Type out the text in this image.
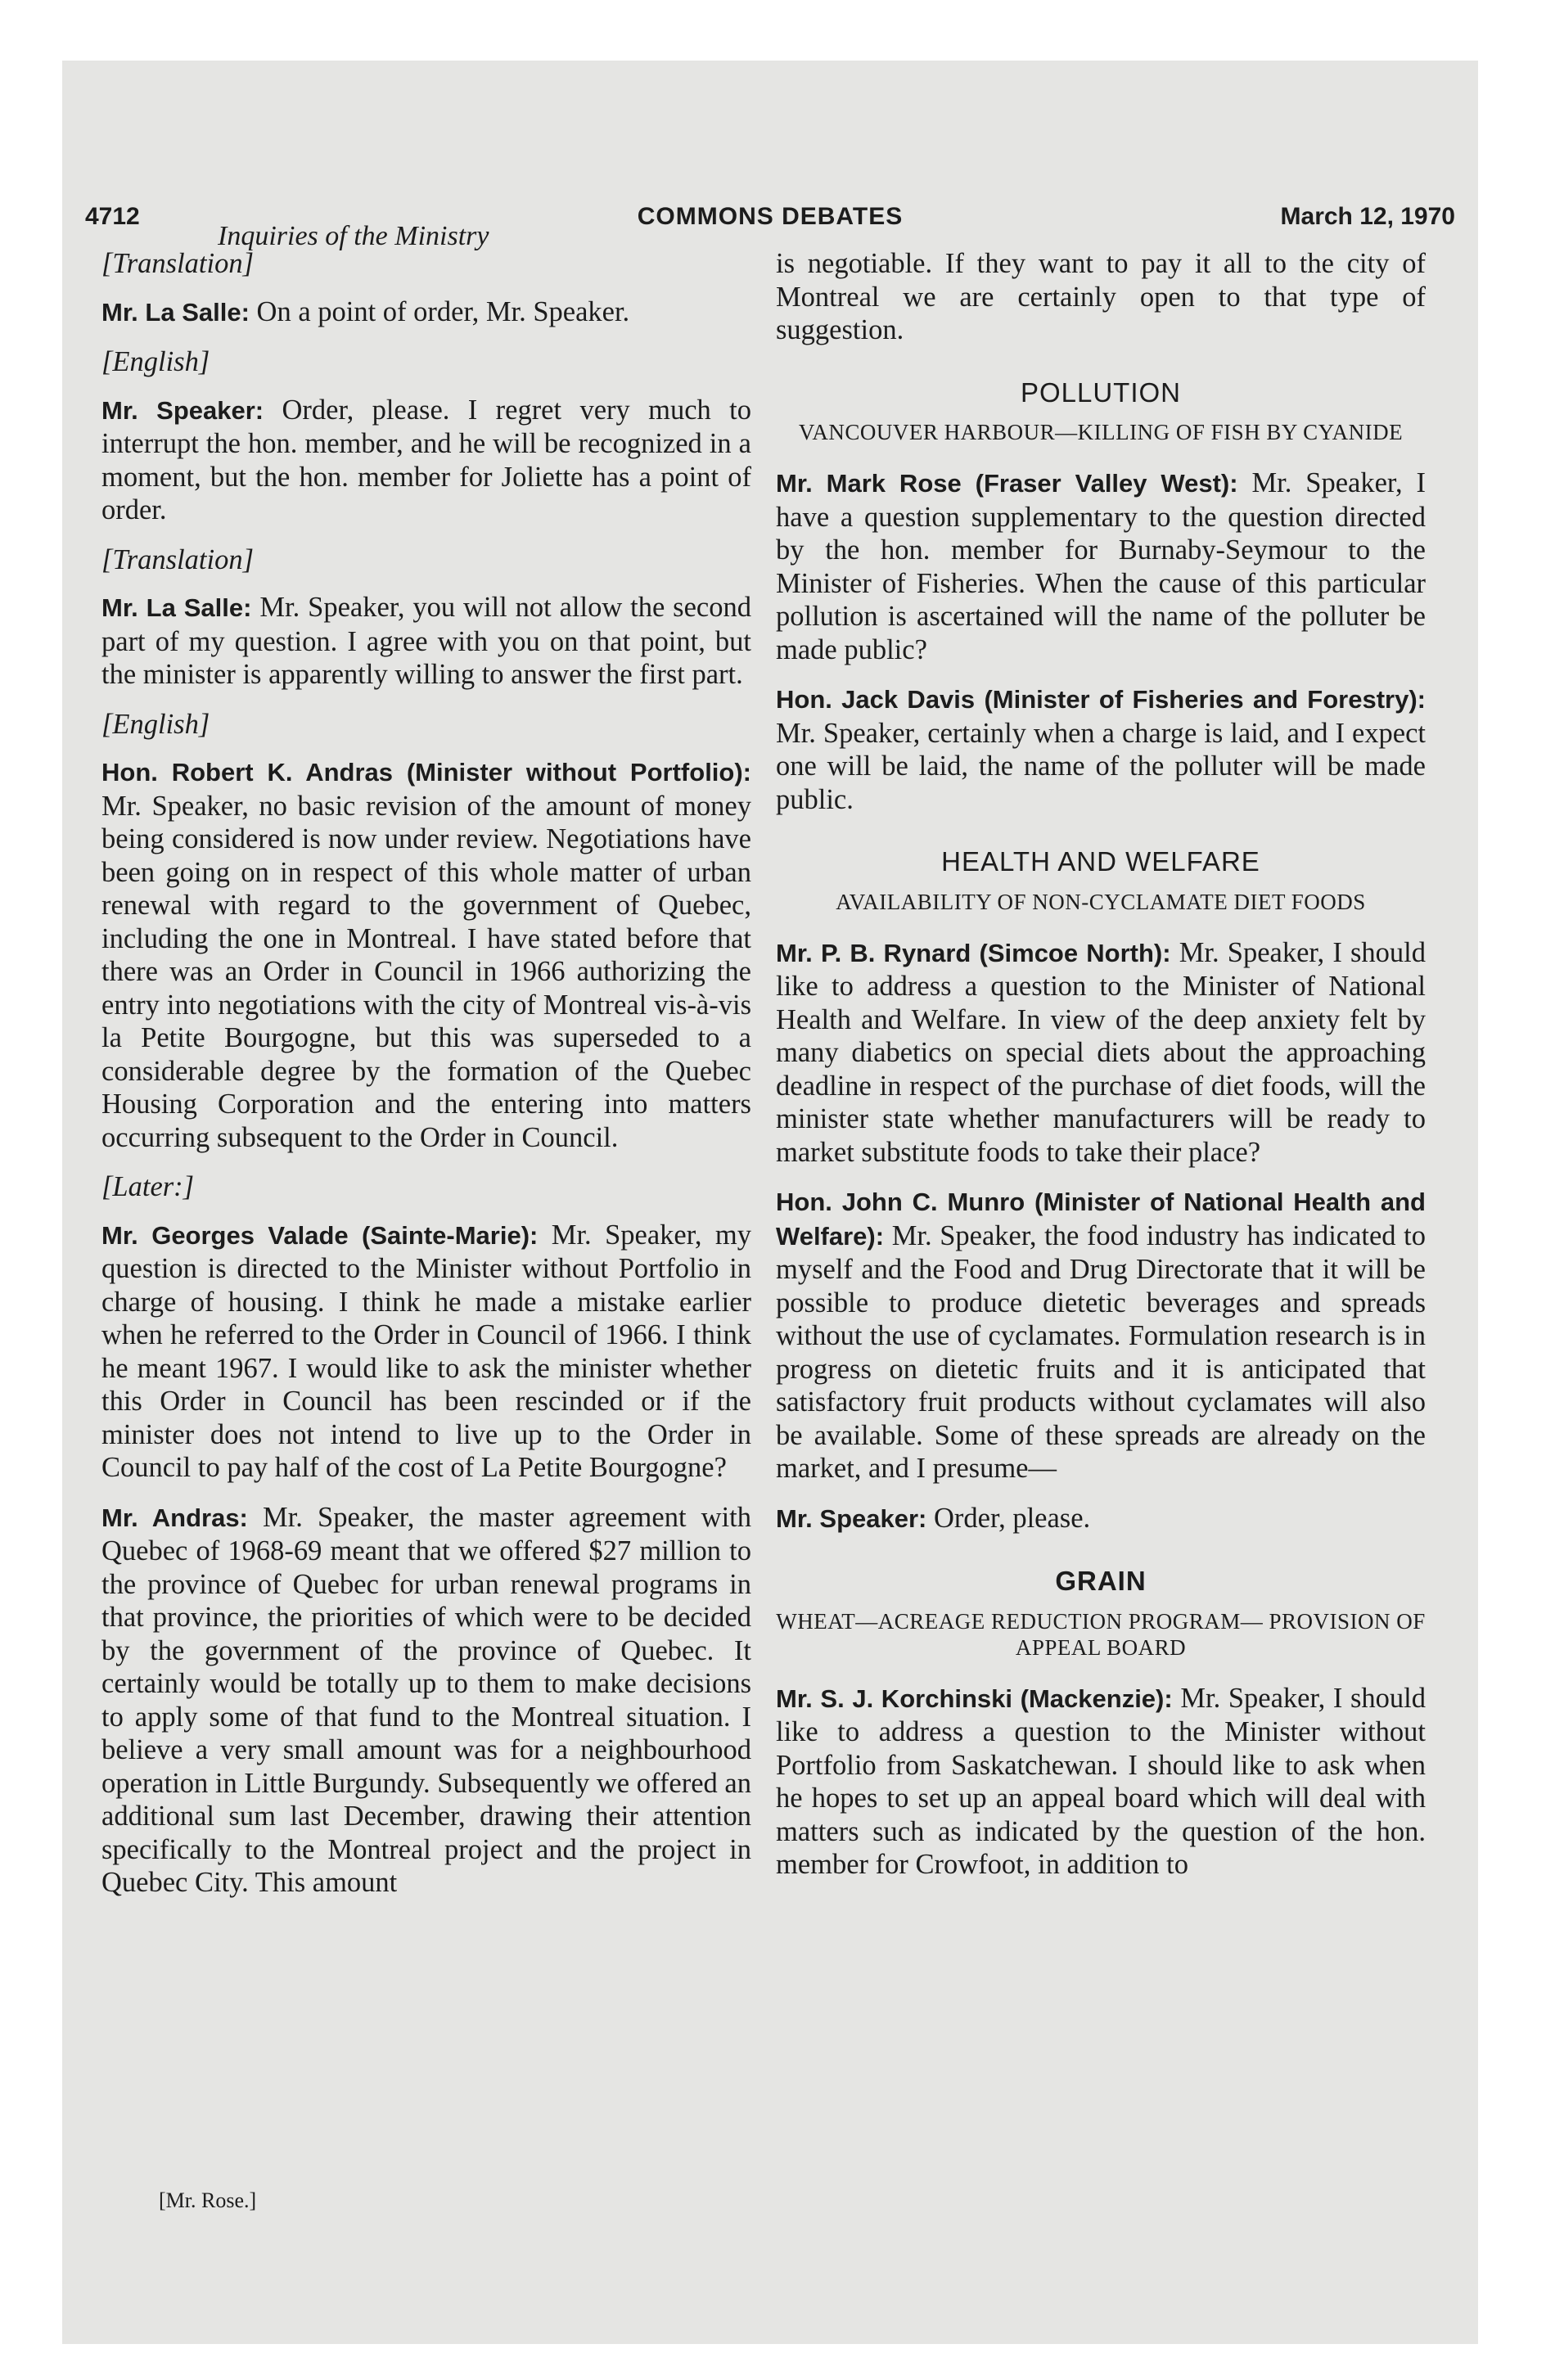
4712	COMMONS DEBATES	March 12, 1970
Inquiries of the Ministry
[Translation]

Mr. La Salle: On a point of order, Mr. Speaker.

[English]

Mr. Speaker: Order, please. I regret very much to interrupt the hon. member, and he will be recognized in a moment, but the hon. member for Joliette has a point of order.

[Translation]

Mr. La Salle: Mr. Speaker, you will not allow the second part of my question. I agree with you on that point, but the minister is apparently willing to answer the first part.

[English]

Hon. Robert K. Andras (Minister without Portfolio): Mr. Speaker, no basic revision of the amount of money being considered is now under review. Negotiations have been going on in respect of this whole matter of urban renewal with regard to the government of Quebec, including the one in Montreal. I have stated before that there was an Order in Council in 1966 authorizing the entry into negotiations with the city of Montreal vis-à-vis la Petite Bourgogne, but this was superseded to a considerable degree by the formation of the Quebec Housing Corporation and the entering into matters occurring subsequent to the Order in Council.

[Later:]

Mr. Georges Valade (Sainte-Marie): Mr. Speaker, my question is directed to the Minister without Portfolio in charge of housing. I think he made a mistake earlier when he referred to the Order in Council of 1966. I think he meant 1967. I would like to ask the minister whether this Order in Council has been rescinded or if the minister does not intend to live up to the Order in Council to pay half of the cost of La Petite Bourgogne?

Mr. Andras: Mr. Speaker, the master agreement with Quebec of 1968-69 meant that we offered $27 million to the province of Quebec for urban renewal programs in that province, the priorities of which were to be decided by the government of the province of Quebec. It certainly would be totally up to them to make decisions to apply some of that fund to the Montreal situation. I believe a very small amount was for a neighbourhood operation in Little Burgundy. Subsequently we offered an additional sum last December, drawing their attention specifically to the Montreal project and the project in Quebec City. This amount

[Mr. Rose.]

is negotiable. If they want to pay it all to the city of Montreal we are certainly open to that type of suggestion.

POLLUTION
VANCOUVER HARBOUR—KILLING OF FISH BY CYANIDE

Mr. Mark Rose (Fraser Valley West): Mr. Speaker, I have a question supplementary to the question directed by the hon. member for Burnaby-Seymour to the Minister of Fisheries. When the cause of this particular pollution is ascertained will the name of the polluter be made public?

Hon. Jack Davis (Minister of Fisheries and Forestry): Mr. Speaker, certainly when a charge is laid, and I expect one will be laid, the name of the polluter will be made public.

HEALTH AND WELFARE
AVAILABILITY OF NON-CYCLAMATE DIET FOODS

Mr. P. B. Rynard (Simcoe North): Mr. Speaker, I should like to address a question to the Minister of National Health and Welfare. In view of the deep anxiety felt by many diabetics on special diets about the approaching deadline in respect of the purchase of diet foods, will the minister state whether manufacturers will be ready to market substitute foods to take their place?

Hon. John C. Munro (Minister of National Health and Welfare): Mr. Speaker, the food industry has indicated to myself and the Food and Drug Directorate that it will be possible to produce dietetic beverages and spreads without the use of cyclamates. Formulation research is in progress on dietetic fruits and it is anticipated that satisfactory fruit products without cyclamates will also be available. Some of these spreads are already on the market, and I presume—

Mr. Speaker: Order, please.

GRAIN
WHEAT—ACREAGE REDUCTION PROGRAM— PROVISION OF APPEAL BOARD

Mr. S. J. Korchinski (Mackenzie): Mr. Speaker, I should like to address a question to the Minister without Portfolio from Saskatchewan. I should like to ask when he hopes to set up an appeal board which will deal with matters such as indicated by the question of the hon. member for Crowfoot, in addition to
